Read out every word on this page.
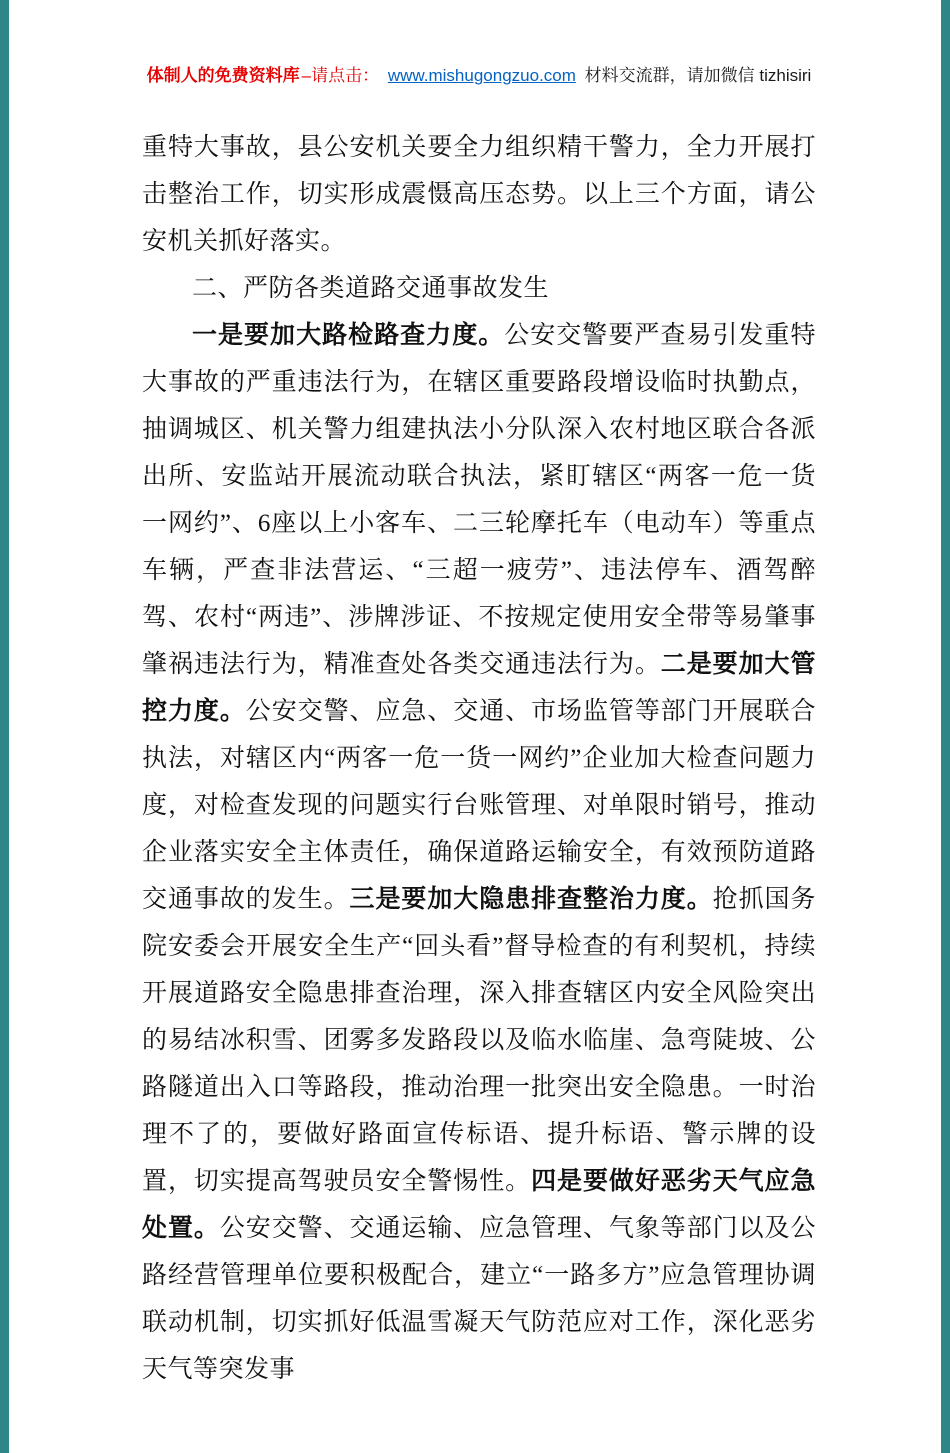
体制人的免费资料库 –请点击： www.mishugongzuo.com 材料交流群，请加微信 tizhisiri

重特大事故，县公安机关要全力组织精干警力，全力开展打击整治工作，切实形成震慑高压态势。以上三个方面，请公安机关抓好落实。

二、严防各类道路交通事故发生

一是要加大路检路查力度。公安交警要严查易引发重特大事故的严重违法行为，在辖区重要路段增设临时执勤点，抽调城区、机关警力组建执法小分队深入农村地区联合各派出所、安监站开展流动联合执法，紧盯辖区“两客一危一货一网约”、6座以上小客车、二三轮摩托车（电动车）等重点车辆，严查非法营运、“三超一疲劳”、违法停车、酒驾醉驾、农村“两违”、涉牌涉证、不按规定使用安全带等易肇事肇祸违法行为，精准查处各类交通违法行为。二是要加大管控力度。公安交警、应急、交通、市场监管等部门开展联合执法，对辖区内“两客一危一货一网约”企业加大检查问题力度，对检查发现的问题实行台账管理、对单限时销号，推动企业落实安全主体责任，确保道路运输安全，有效预防道路交通事故的发生。三是要加大隐患排查整治力度。抢抓国务院安委会开展安全生产“回头看”督导检查的有利契机，持续开展道路安全隐患排查治理，深入排查辖区内安全风险突出的易结冰积雪、团雾多发路段以及临水临崖、急弯陡坡、公路隧道出入口等路段，推动治理一批突出安全隐患。一时治理不了的，要做好路面宣传标语、提升标语、警示牌的设置，切实提高驾驶员安全警惕性。四是要做好恶劣天气应急处置。公安交警、交通运输、应急管理、气象等部门以及公路经营管理单位要积极配合，建立“一路多方”应急管理协调联动机制，切实抓好低温雪凝天气防范应对工作，深化恶劣天气等突发事
